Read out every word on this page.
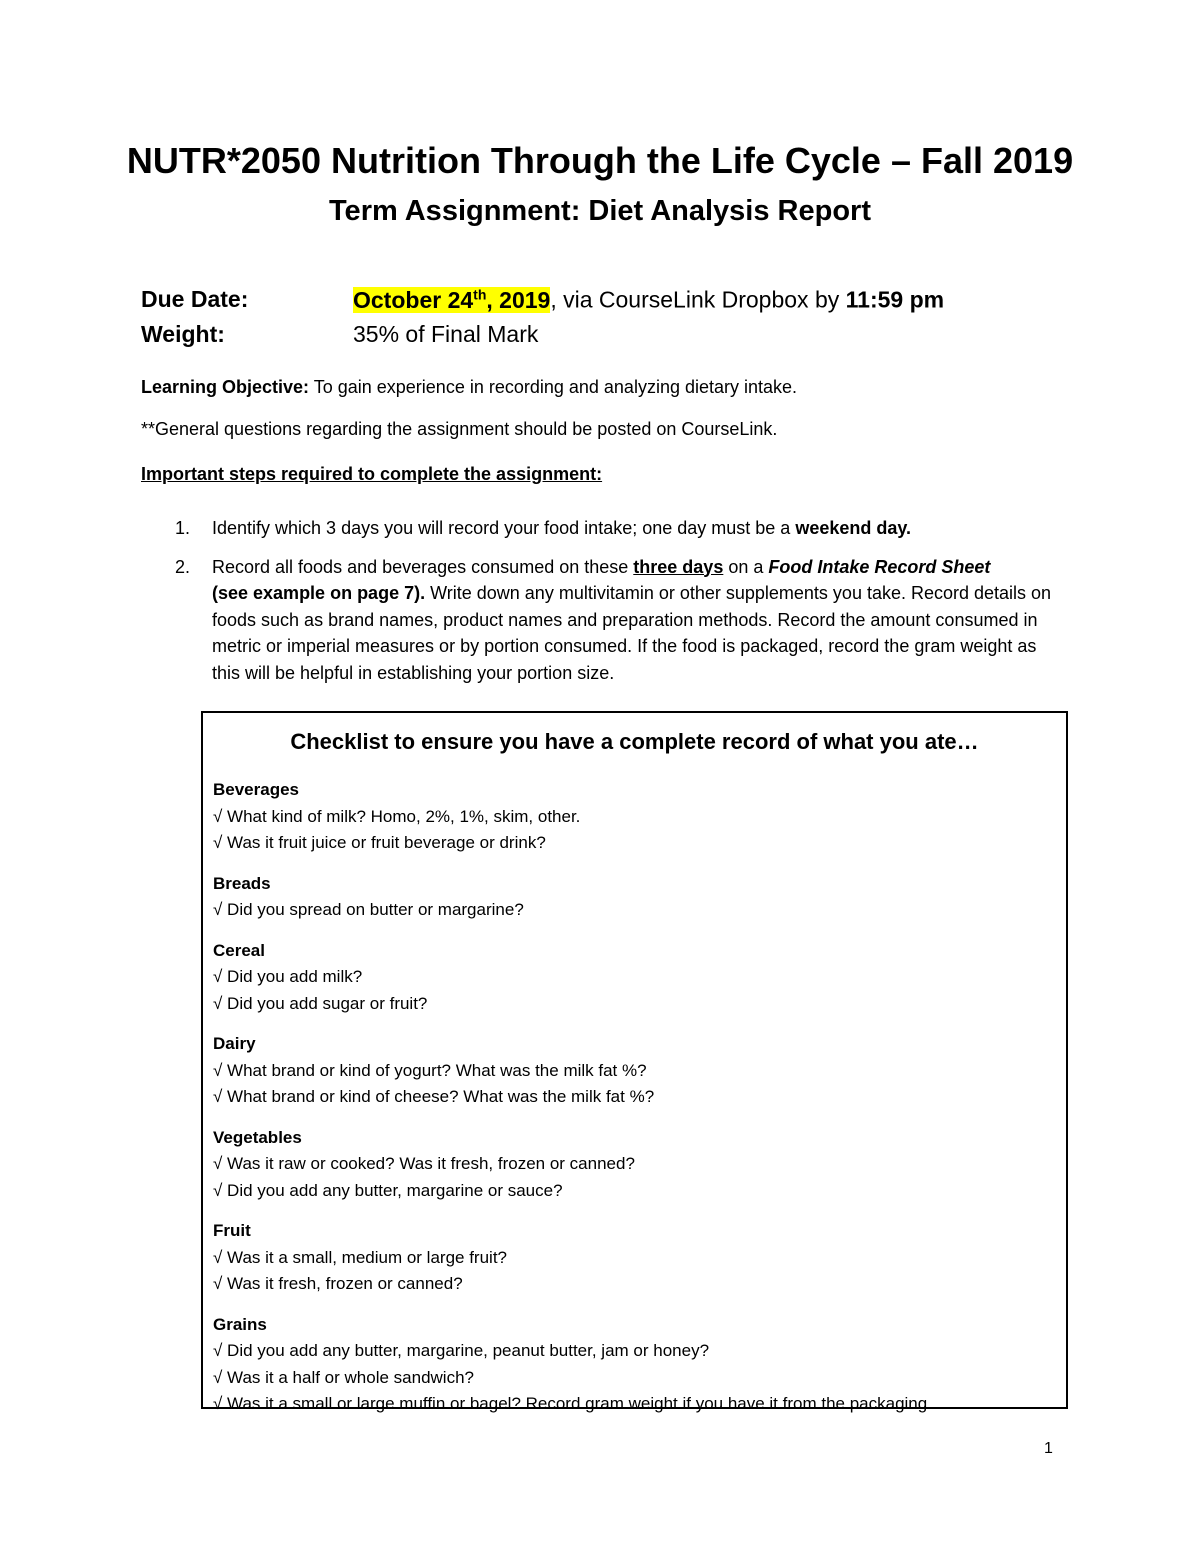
NUTR*2050 Nutrition Through the Life Cycle – Fall 2019
Term Assignment: Diet Analysis Report
Due Date:	October 24th, 2019, via CourseLink Dropbox by 11:59 pm
Weight:	35% of Final Mark
Learning Objective: To gain experience in recording and analyzing dietary intake.
**General questions regarding the assignment should be posted on CourseLink.
Important steps required to complete the assignment:
1. Identify which 3 days you will record your food intake; one day must be a weekend day.
2. Record all foods and beverages consumed on these three days on a Food Intake Record Sheet
(see example on page 7). Write down any multivitamin or other supplements you take. Record details on foods such as brand names, product names and preparation methods. Record the amount consumed in metric or imperial measures or by portion consumed. If the food is packaged, record the gram weight as this will be helpful in establishing your portion size.
Checklist to ensure you have a complete record of what you ate…
Beverages
√ What kind of milk? Homo, 2%, 1%, skim, other.
√ Was it fruit juice or fruit beverage or drink?
Breads
√ Did you spread on butter or margarine?
Cereal
√ Did you add milk?
√ Did you add sugar or fruit?
Dairy
√ What brand or kind of yogurt? What was the milk fat %?
√ What brand or kind of cheese? What was the milk fat %?
Vegetables
√ Was it raw or cooked? Was it fresh, frozen or canned?
√ Did you add any butter, margarine or sauce?
Fruit
√ Was it a small, medium or large fruit?
√ Was it fresh, frozen or canned?
Grains
√ Did you add any butter, margarine, peanut butter, jam or honey?
√ Was it a half or whole sandwich?
√ Was it a small or large muffin or bagel? Record gram weight if you have it from the packaging.
1
